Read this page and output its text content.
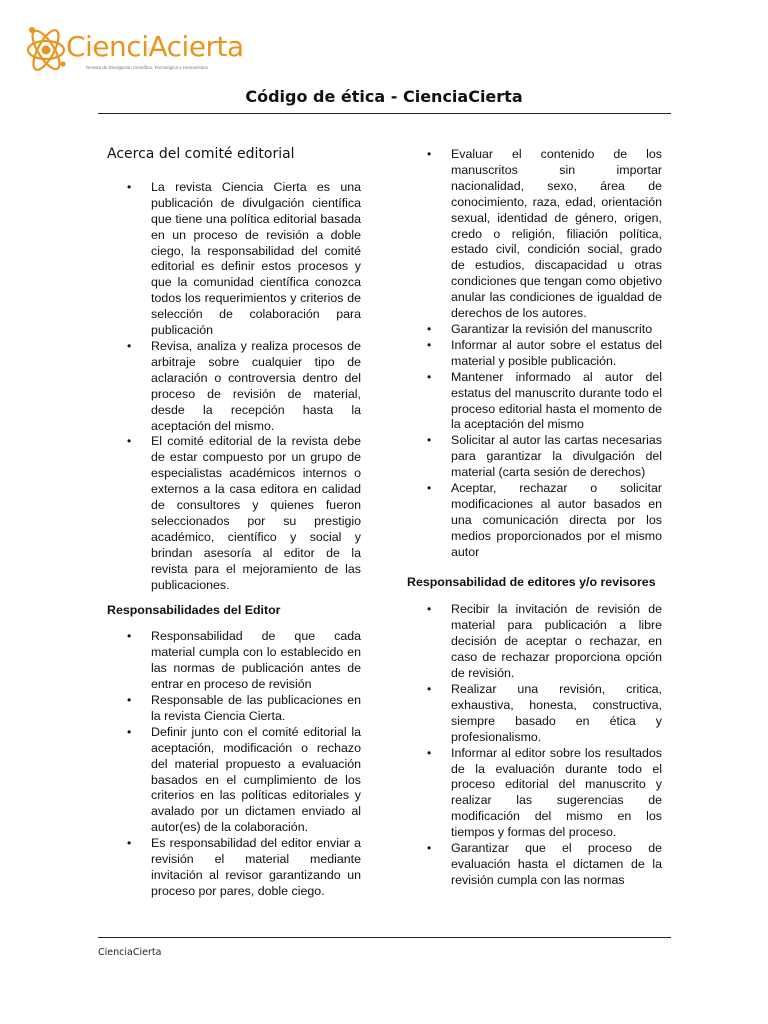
CienciAcierta
Revista de Divulgación Científica, Tecnológica y Humanística
Código de ética - CienciaCierta
Acerca del comité editorial
• La revista Ciencia Cierta es una publicación de divulgación científica que tiene una política editorial basada en un proceso de revisión a doble ciego, la responsabilidad del comité editorial es definir estos procesos y que la comunidad científica conozca todos los requerimientos y criterios de selección de colaboración para publicación
• Revisa, analiza y realiza procesos de arbitraje sobre cualquier tipo de aclaración o controversia dentro del proceso de revisión de material, desde la recepción hasta la aceptación del mismo.
• El comité editorial de la revista debe de estar compuesto por un grupo de especialistas académicos internos o externos a la casa editora en calidad de consultores y quienes fueron seleccionados por su prestigio académico, científico y social y brindan asesoría al editor de la revista para el mejoramiento de las publicaciones.
Responsabilidades del Editor
• Responsabilidad de que cada material cumpla con lo establecido en las normas de publicación antes de entrar en proceso de revisión
• Responsable de las publicaciones en la revista Ciencia Cierta.
• Definir junto con el comité editorial la aceptación, modificación o rechazo del material propuesto a evaluación basados en el cumplimiento de los criterios en las políticas editoriales y avalado por un dictamen enviado al autor(es) de la colaboración.
• Es responsabilidad del editor enviar a revisión el material mediante invitación al revisor garantizando un proceso por pares, doble ciego.
• Evaluar el contenido de los manuscritos sin importar nacionalidad, sexo, área de conocimiento, raza, edad, orientación sexual, identidad de género, origen, credo o religión, filiación política, estado civil, condición social, grado de estudios, discapacidad u otras condiciones que tengan como objetivo anular las condiciones de igualdad de derechos de los autores.
• Garantizar la revisión del manuscrito
• Informar al autor sobre el estatus del material y posible publicación.
• Mantener informado al autor del estatus del manuscrito durante todo el proceso editorial hasta el momento de la aceptación del mismo
• Solicitar al autor las cartas necesarias para garantizar la divulgación del material (carta sesión de derechos)
• Aceptar, rechazar o solicitar modificaciones al autor basados en una comunicación directa por los medios proporcionados por el mismo autor
Responsabilidad de editores y/o revisores
• Recibir la invitación de revisión de material para publicación a libre decisión de aceptar o rechazar, en caso de rechazar proporciona opción de revisión.
• Realizar una revisión, critica, exhaustiva, honesta, constructiva, siempre basado en ética y profesionalismo.
• Informar al editor sobre los resultados de la evaluación durante todo el proceso editorial del manuscrito y realizar las sugerencias de modificación del mismo en los tiempos y formas del proceso.
• Garantizar que el proceso de evaluación hasta el dictamen de la revisión cumpla con las normas
CienciaCierta
